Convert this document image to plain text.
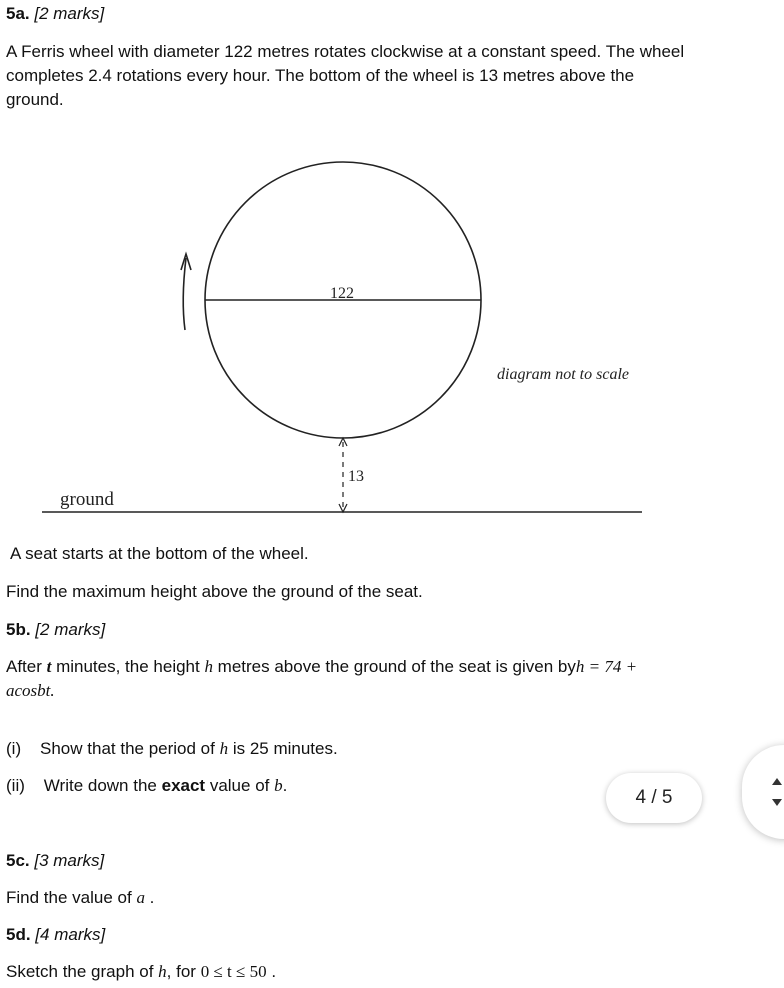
5a. [2 marks]
A Ferris wheel with diameter 122 metres rotates clockwise at a constant speed. The wheel
completes 2.4 rotations every hour. The bottom of the wheel is 13 metres above the
ground.
122
13
ground
diagram not to scale
A seat starts at the bottom of the wheel.
Find the maximum height above the ground of the seat.
5b. [2 marks]
After t minutes, the height h metres above the ground of the seat is given byh = 74 +
acosbt.
(i) Show that the period of h is 25 minutes.
(ii) Write down the exact value of b.
5c. [3 marks]
Find the value of a .
5d. [4 marks]
Sketch the graph of h, for 0 ≤ t ≤ 50 .
4 / 5
